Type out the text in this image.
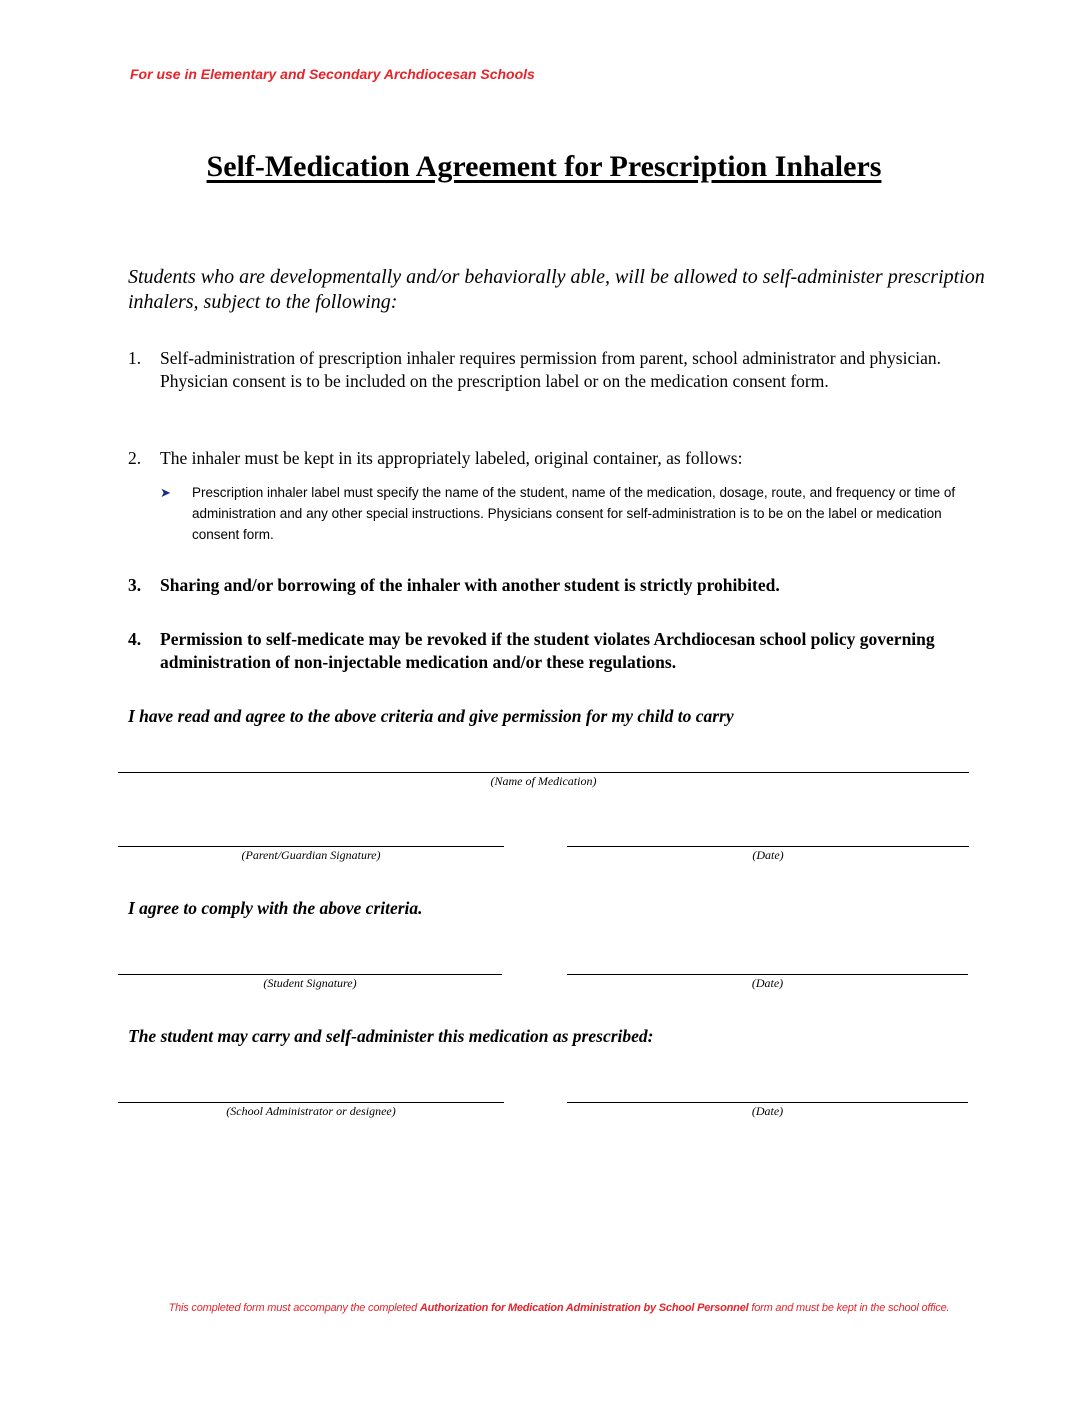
For use in Elementary and Secondary Archdiocesan Schools
Self-Medication Agreement for Prescription Inhalers
Students who are developmentally and/or behaviorally able, will be allowed to self-administer prescription inhalers, subject to the following:
1. Self-administration of prescription inhaler requires permission from parent, school administrator and physician. Physician consent is to be included on the prescription label or on the medication consent form.
2. The inhaler must be kept in its appropriately labeled, original container, as follows:
➤ Prescription inhaler label must specify the name of the student, name of the medication, dosage, route, and frequency or time of administration and any other special instructions. Physicians consent for self-administration is to be on the label or medication consent form.
3. Sharing and/or borrowing of the inhaler with another student is strictly prohibited.
4. Permission to self-medicate may be revoked if the student violates Archdiocesan school policy governing administration of non-injectable medication and/or these regulations.
I have read and agree to the above criteria and give permission for my child to carry
(Name of Medication)
(Parent/Guardian Signature)	(Date)
I agree to comply with the above criteria.
(Student Signature)	(Date)
The student may carry and self-administer this medication as prescribed:
(School Administrator or designee)	(Date)
This completed form must accompany the completed Authorization for Medication Administration by School Personnel form and must be kept in the school office.
